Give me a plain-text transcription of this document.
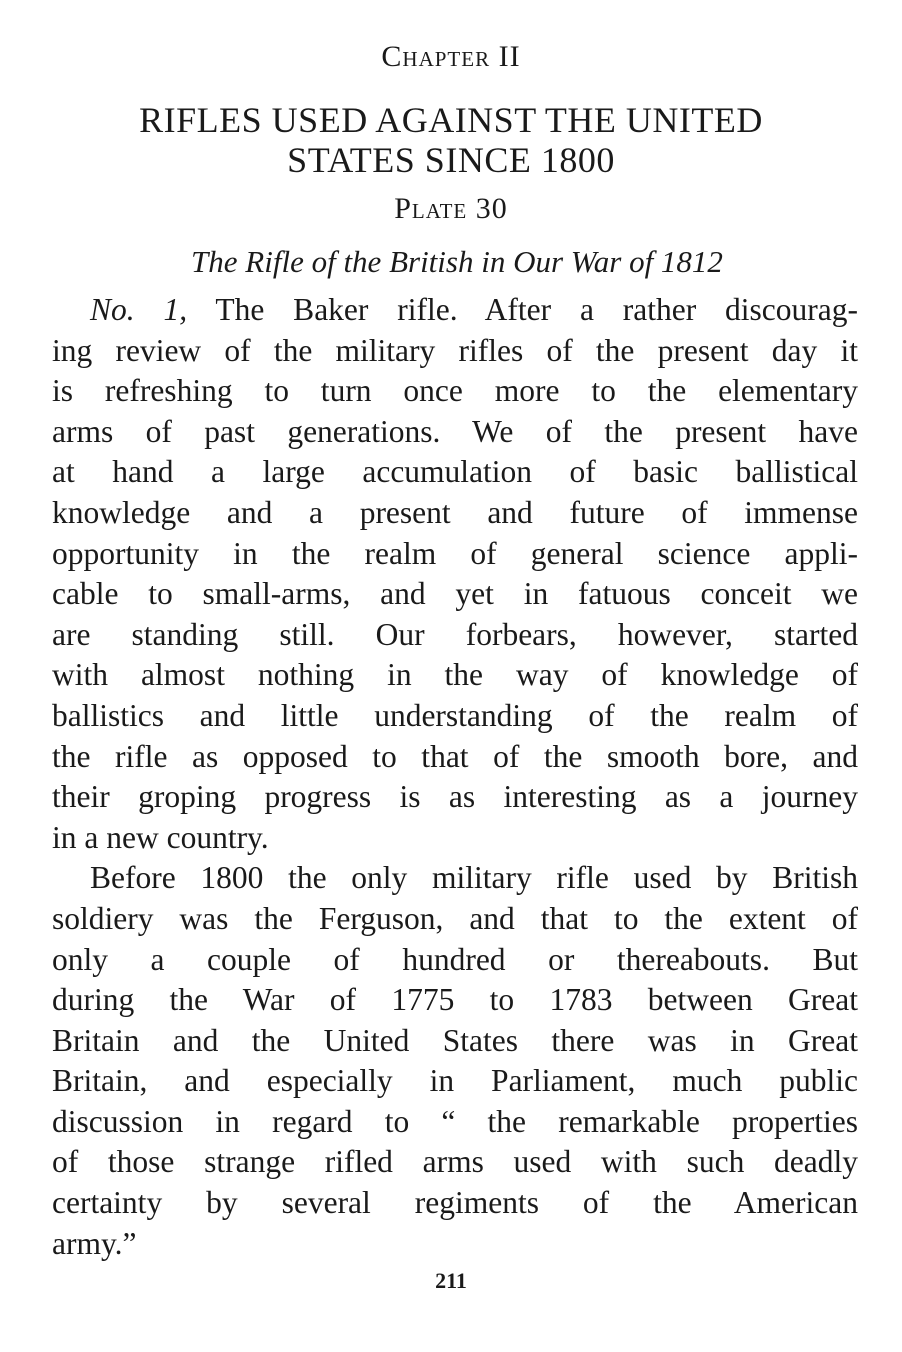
Chapter II
RIFLES USED AGAINST THE UNITED STATES SINCE 1800
Plate 30
The Rifle of the British in Our War of 1812
No. 1, The Baker rifle. After a rather discourag-
ing review of the military rifles of the present day it
is refreshing to turn once more to the elementary
arms of past generations. We of the present have
at hand a large accumulation of basic ballistical
knowledge and a present and future of immense
opportunity in the realm of general science appli-
cable to small-arms, and yet in fatuous conceit we
are standing still. Our forbears, however, started
with almost nothing in the way of knowledge of
ballistics and little understanding of the realm of
the rifle as opposed to that of the smooth bore, and
their groping progress is as interesting as a journey
in a new country.
Before 1800 the only military rifle used by British
soldiery was the Ferguson, and that to the extent of
only a couple of hundred or thereabouts. But
during the War of 1775 to 1783 between Great
Britain and the United States there was in Great
Britain, and especially in Parliament, much public
discussion in regard to “ the remarkable properties
of those strange rifled arms used with such deadly
certainty by several regiments of the American
army.”
211
